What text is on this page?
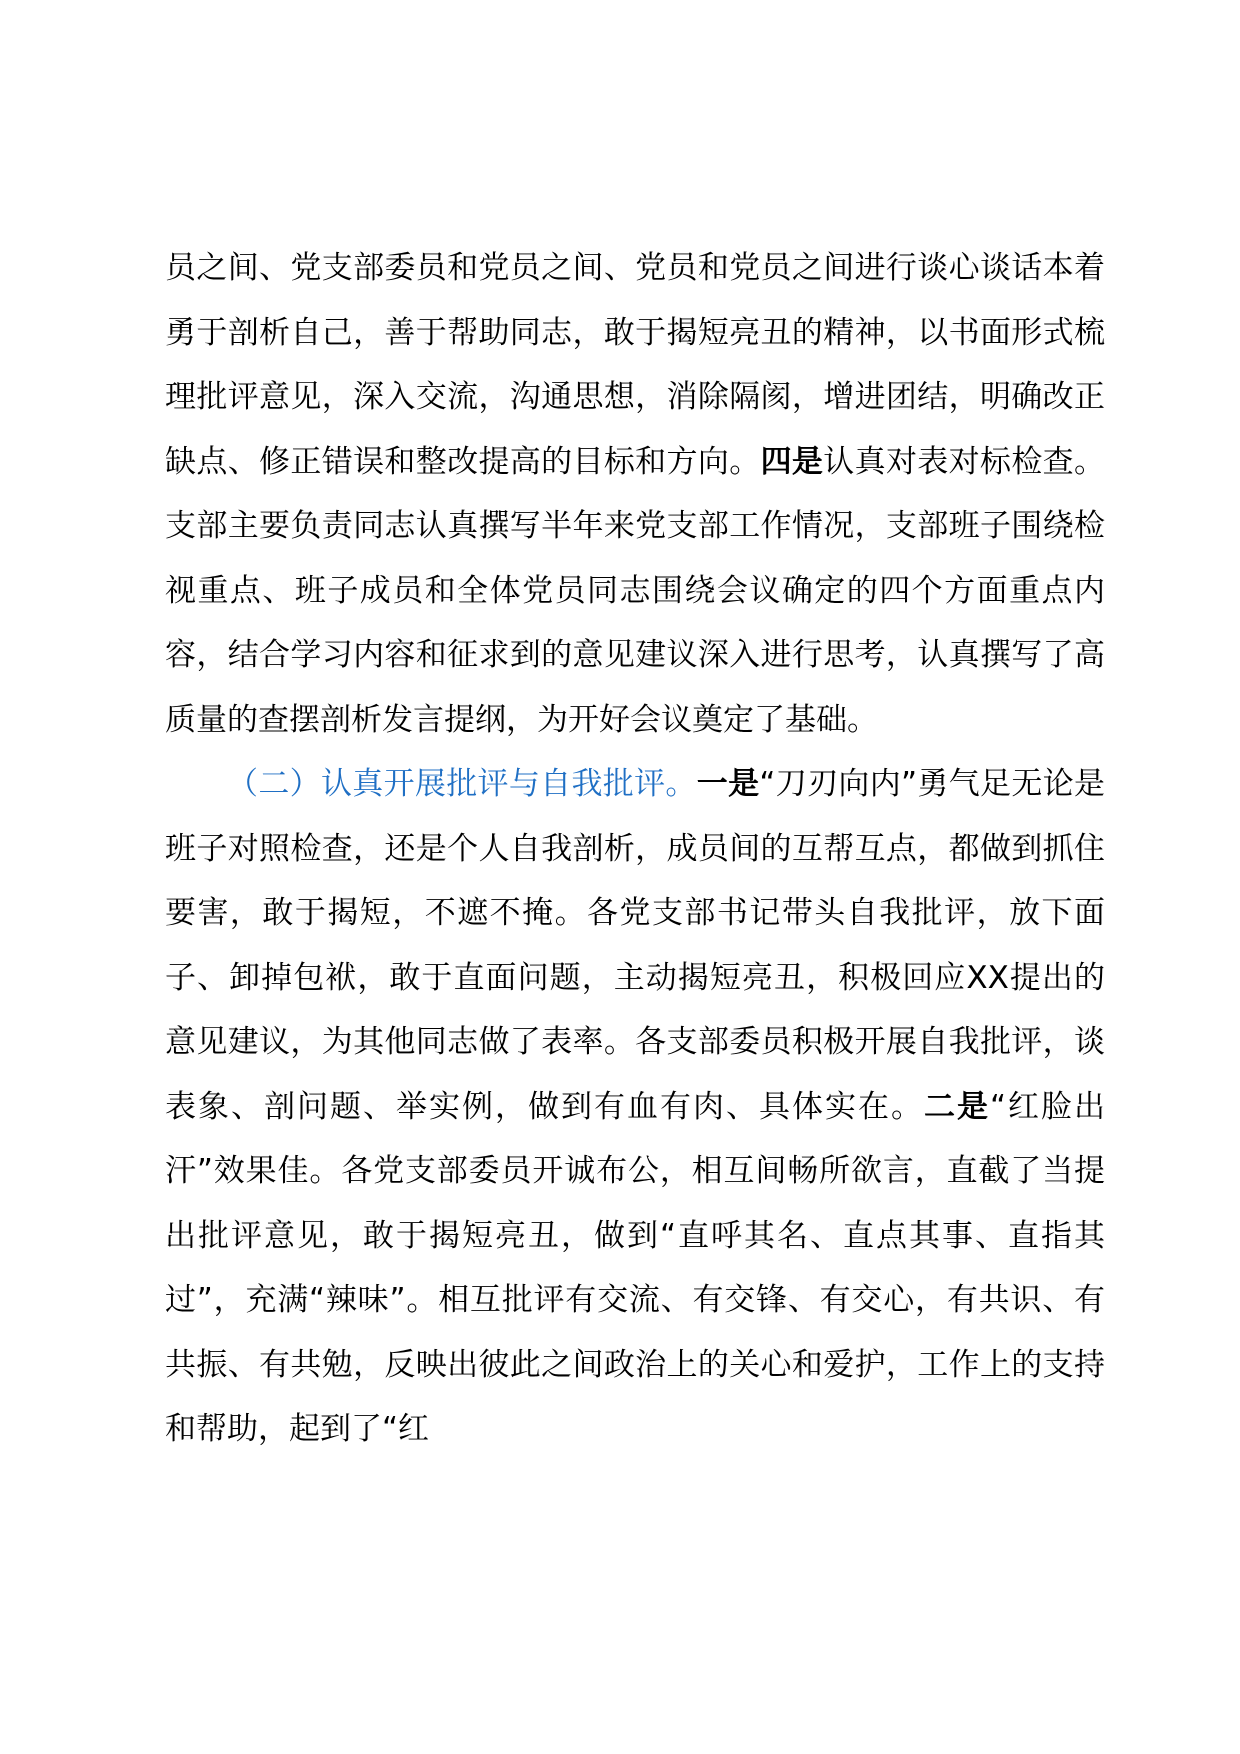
员之间、党支部委员和党员之间、党员和党员之间进行谈心谈话本着勇于剖析自己，善于帮助同志，敢于揭短亮丑的精神，以书面形式梳理批评意见，深入交流，沟通思想，消除隔阂，增进团结，明确改正缺点、修正错误和整改提高的目标和方向。四是认真对表对标检查。支部主要负责同志认真撰写半年来党支部工作情况，支部班子围绕检视重点、班子成员和全体党员同志围绕会议确定的四个方面重点内容，结合学习内容和征求到的意见建议深入进行思考，认真撰写了高质量的查摆剖析发言提纲，为开好会议奠定了基础。

（二）认真开展批评与自我批评。一是“刀刃向内”勇气足无论是班子对照检查，还是个人自我剖析，成员间的互帮互点，都做到抓住要害，敢于揭短，不遮不掩。各党支部书记带头自我批评，放下面子、卸掉包袱，敢于直面问题，主动揭短亮丑，积极回应XX提出的意见建议，为其他同志做了表率。各支部委员积极开展自我批评，谈表象、剖问题、举实例，做到有血有肉、具体实在。二是“红脸出汗”效果佳。各党支部委员开诚布公，相互间畅所欲言，直截了当提出批评意见，敢于揭短亮丑，做到“直呼其名、直点其事、直指其过”，充满“辣味”。相互批评有交流、有交锋、有交心，有共识、有共振、有共勉，反映出彼此之间政治上的关心和爱护，工作上的支持和帮助，起到了“红
